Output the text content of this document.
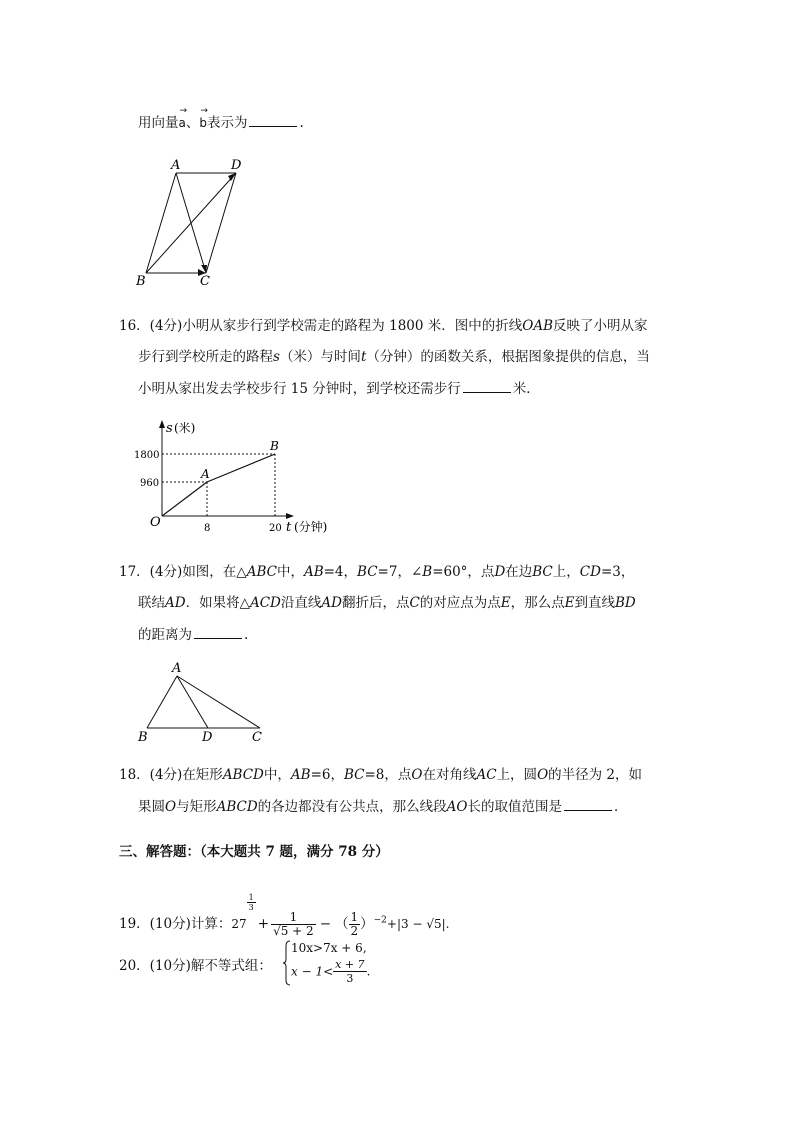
用向量
→
a、
→
b表示为	.
A	D
B	C
16．(4分)小明从家步行到学校需走的路程为 1800 米．图中的折线OAB反映了小明从家
步行到学校所走的路程s（米）与时间t（分钟）的函数关系，根据图象提供的信息，当
小明从家出发去学校步行 15 分钟时，到学校还需步行	米．
s (米)
1800
960
8	20
O
A
B
t (分钟)
17．(4分)如图，在△ABC中，AB=4，BC=7，∠B=60°，点D在边BC上，CD=3，
联结AD．如果将△ACD沿直线AD翻折后，点C的对应点为点E，那么点E到直线BD
的距离为	.
A
B	D	C
18．(4分)在矩形ABCD中，AB=6，BC=8，点O在对角线AC上，圆O的半径为 2，如
果圆O与矩形ABCD的各边都没有公共点，那么线段AO长的取值范围是	．
三、解答题：（本大题共 7 题，满分 78 分）
19．(10分)计算：27
$\frac{1}{3}$
+ $\frac{1}{√5 + 2}$ − （ $\frac{1}{2} )^{-2}+|3 - √5|$.
20．(10分)解不等式组：
10x>7x + 6,
$x - 1< \frac{x + 7}{3}$ .
